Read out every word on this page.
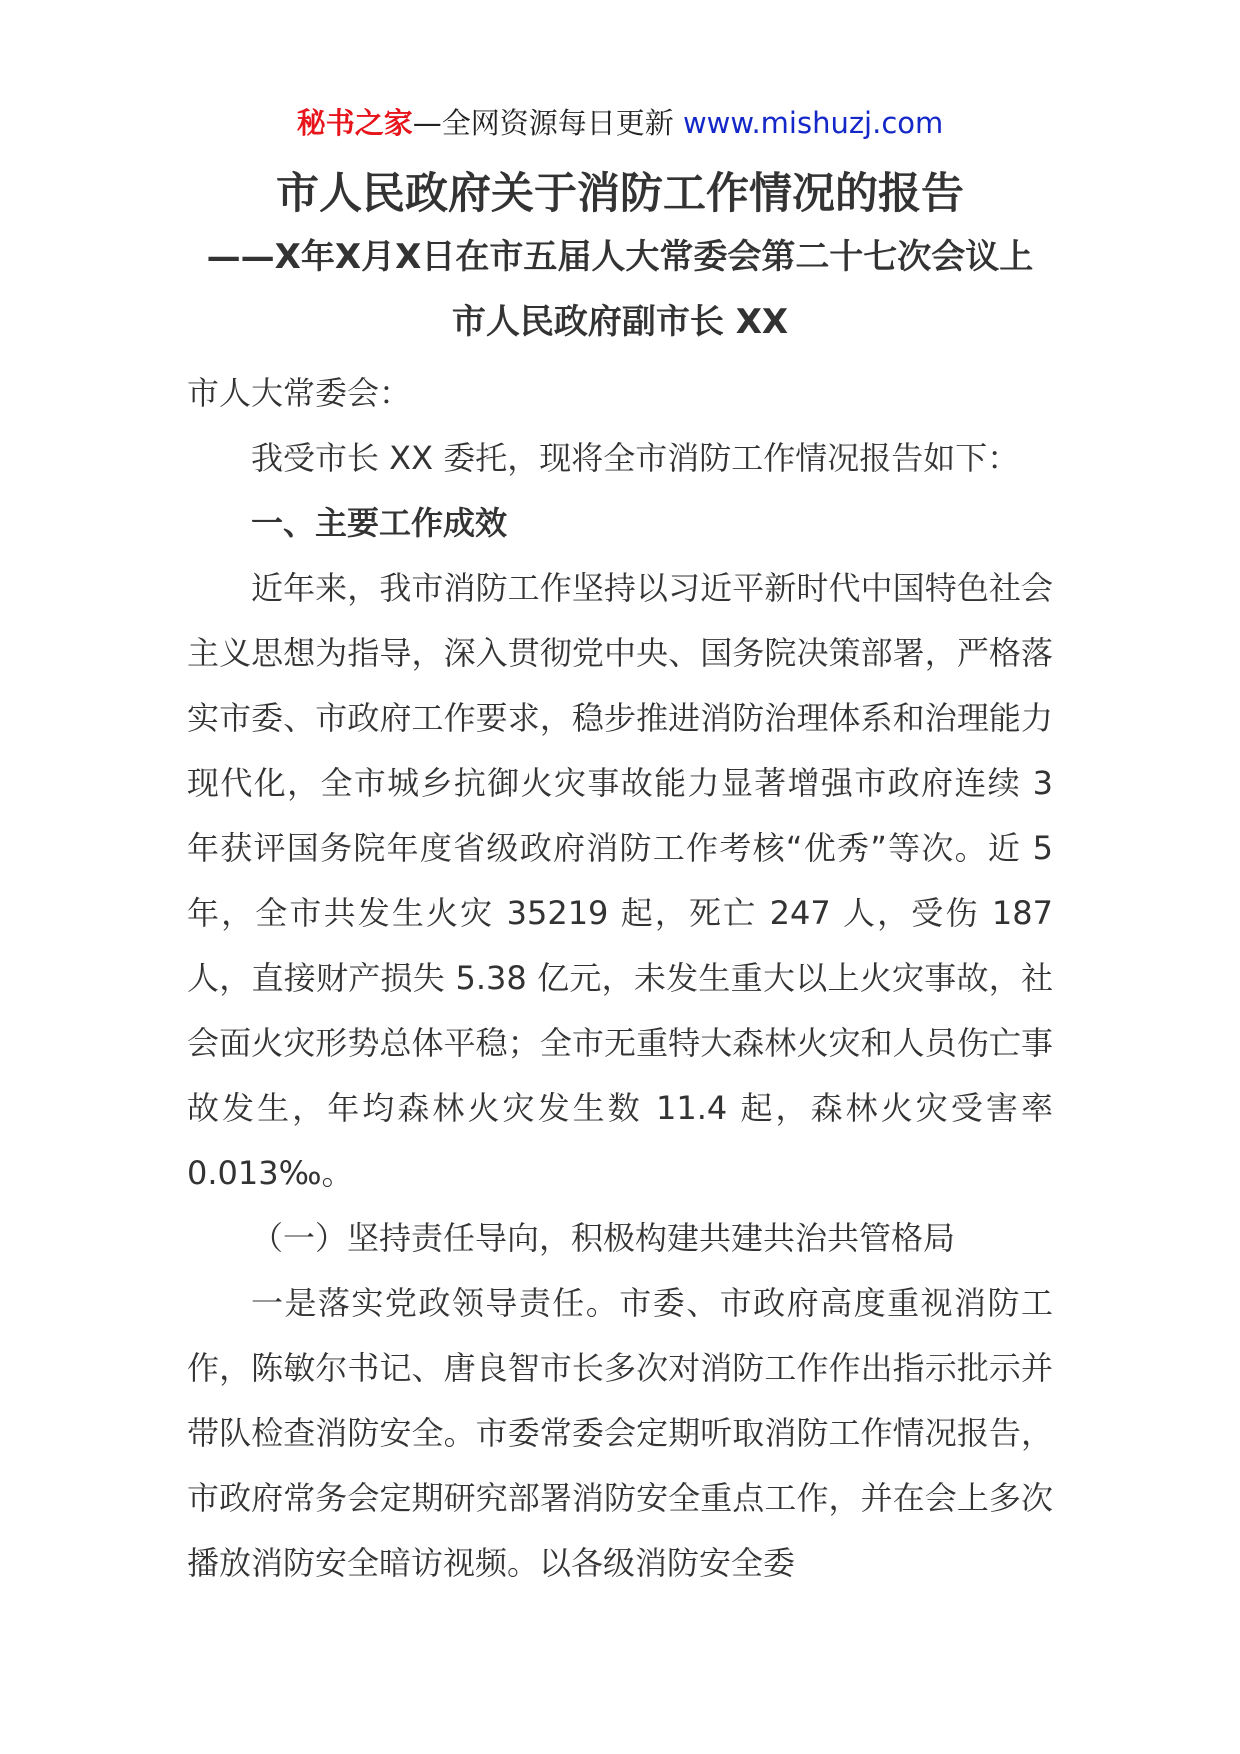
秘书之家—全网资源每日更新 www.mishuzj.com
市人民政府关于消防工作情况的报告
——X年X月X日在市五届人大常委会第二十七次会议上
市人民政府副市长 XX

市人大常委会：

我受市长 XX 委托，现将全市消防工作情况报告如下：

一、主要工作成效

近年来，我市消防工作坚持以习近平新时代中国特色社会主义思想为指导，深入贯彻党中央、国务院决策部署，严格落实市委、市政府工作要求，稳步推进消防治理体系和治理能力现代化，全市城乡抗御火灾事故能力显著增强市政府连续 3 年获评国务院年度省级政府消防工作考核“优秀”等次。近 5 年，全市共发生火灾 35219 起，死亡 247 人，受伤 187 人，直接财产损失 5.38 亿元，未发生重大以上火灾事故，社会面火灾形势总体平稳；全市无重特大森林火灾和人员伤亡事故发生，年均森林火灾发生数 11.4 起，森林火灾受害率 0.013‰。

（一）坚持责任导向，积极构建共建共治共管格局

一是落实党政领导责任。市委、市政府高度重视消防工作，陈敏尔书记、唐良智市长多次对消防工作作出指示批示并带队检查消防安全。市委常委会定期听取消防工作情况报告，市政府常务会定期研究部署消防安全重点工作，并在会上多次播放消防安全暗访视频。以各级消防安全委
